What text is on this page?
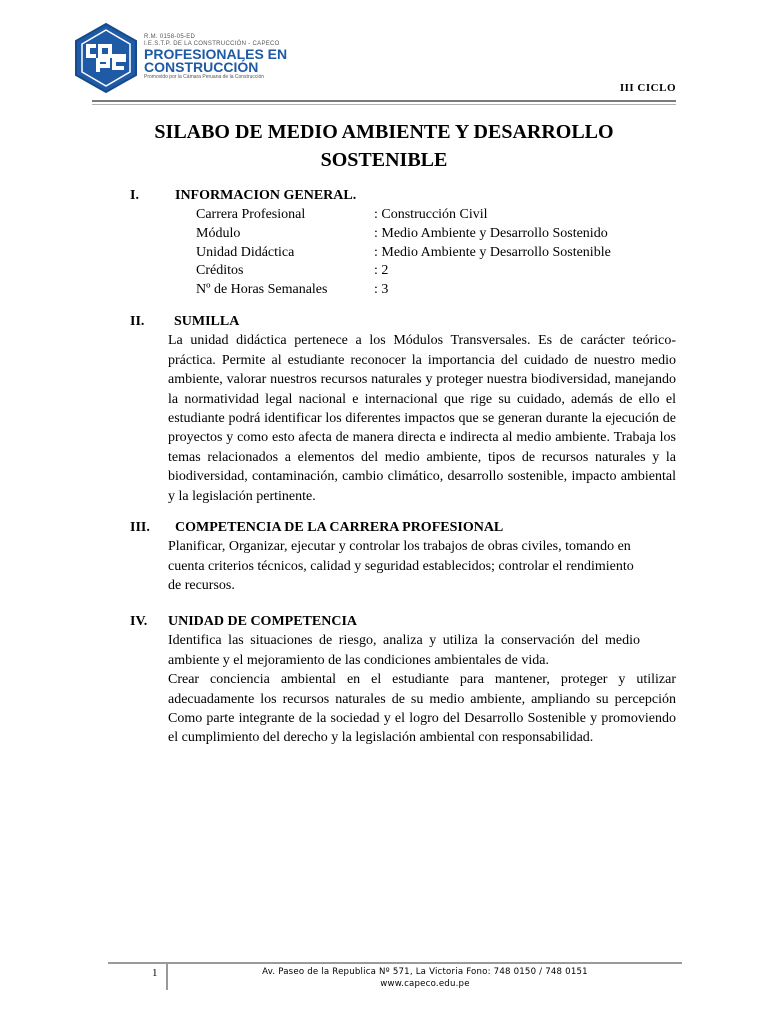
R.M. 0158-05-ED
I.E.S.T.P. DE LA CONSTRUCCIÓN - CAPECO
PROFESIONALES EN
CONSTRUCCIÓN
Promovido por la Cámara Peruana de la Construcción
III CICLO
SILABO DE MEDIO AMBIENTE Y DESARROLLO
SOSTENIBLE
I.	INFORMACION GENERAL.
Carrera Profesional	: Construcción Civil
Módulo	: Medio Ambiente y Desarrollo Sostenido
Unidad Didáctica	: Medio Ambiente y Desarrollo Sostenible
Créditos	: 2
Nº de Horas Semanales	: 3
II. SUMILLA
La unidad didáctica pertenece a los Módulos Transversales. Es de carácter teórico-práctica. Permite al estudiante reconocer la importancia del cuidado de nuestro medio ambiente, valorar nuestros recursos naturales y proteger nuestra biodiversidad, manejando la normatividad legal nacional e internacional que rige su cuidado, además de ello el estudiante podrá identificar los diferentes impactos que se generan durante la ejecución de proyectos y como esto afecta de manera directa e indirecta al medio ambiente. Trabaja los temas relacionados a elementos del medio ambiente, tipos de recursos naturales y la biodiversidad, contaminación, cambio climático, desarrollo sostenible, impacto ambiental y la legislación pertinente.
III. COMPETENCIA DE LA CARRERA PROFESIONAL
Planificar, Organizar, ejecutar y controlar los trabajos de obras civiles, tomando en cuenta criterios técnicos, calidad y seguridad establecidos; controlar el rendimiento de recursos.
IV. UNIDAD DE COMPETENCIA

Identifica las situaciones de riesgo, analiza y utiliza la conservación del medio ambiente y el mejoramiento de las condiciones ambientales de vida.

Crear conciencia ambiental en el estudiante para mantener, proteger y utilizar adecuadamente los recursos naturales de su medio ambiente, ampliando su percepción Como parte integrante de la sociedad y el logro del Desarrollo Sostenible y promoviendo el cumplimiento del derecho y la legislación ambiental con responsabilidad.

1	Av. Paseo de la Republica Nº 571, La Victoria Fono: 748 0150 / 748 0151
www.capeco.edu.pe
